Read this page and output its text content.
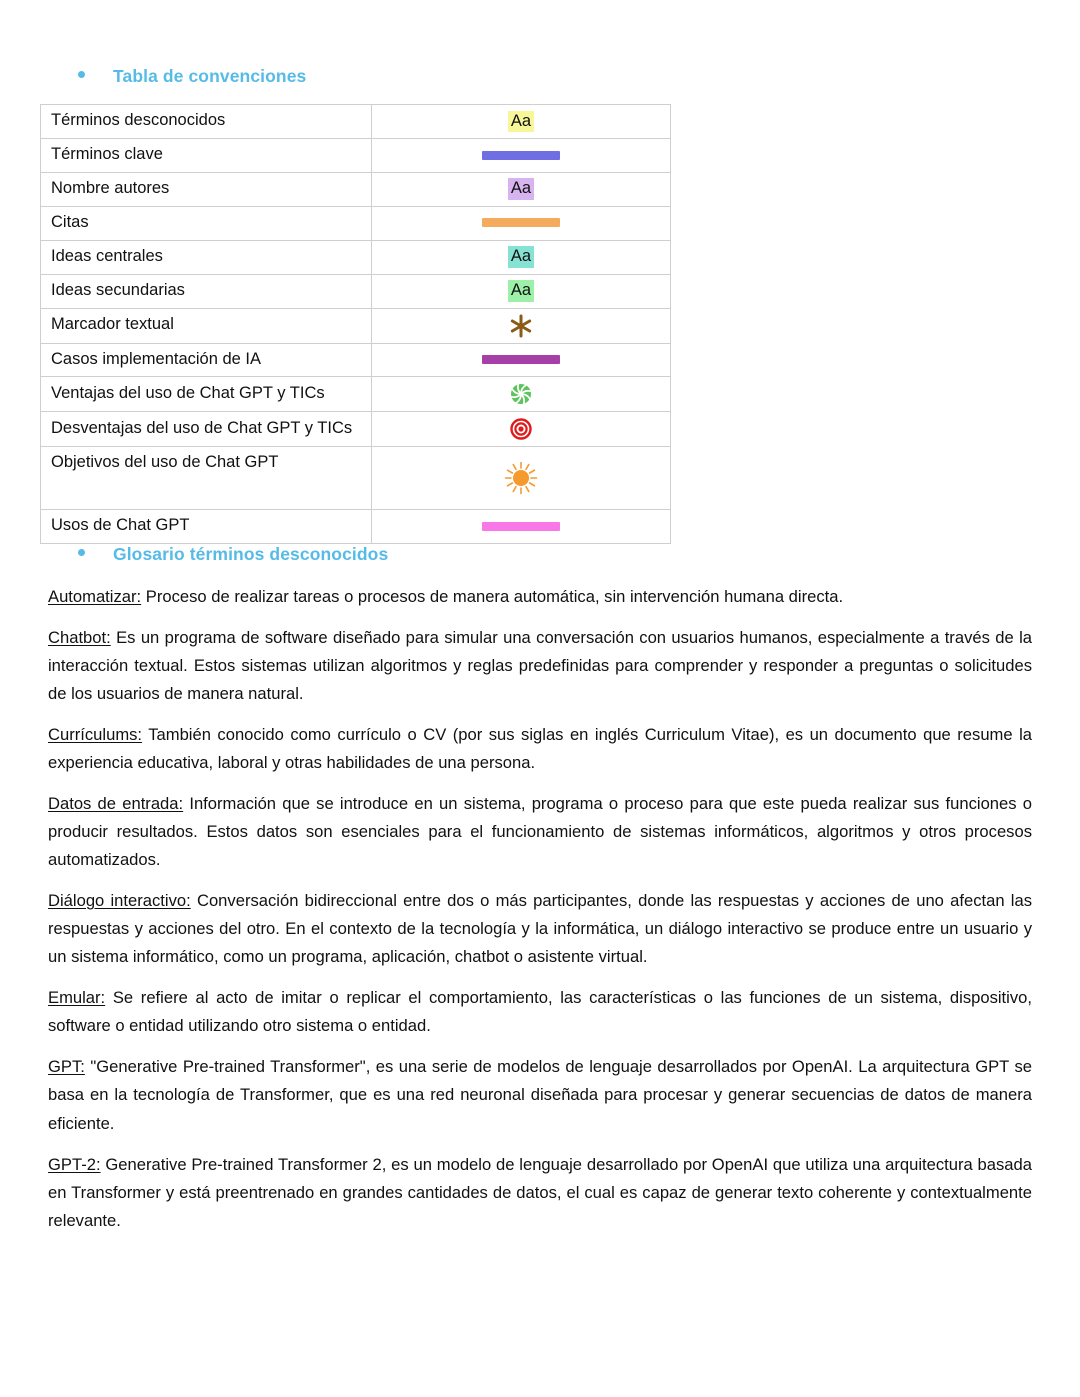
Tabla de convenciones
Términos desconocidos	Aa
Términos clave	
Nombre autores	Aa
Citas	
Ideas centrales	Aa
Ideas secundarias	Aa
Marcador textual	
Casos implementación de IA	
Ventajas del uso de Chat GPT y TICs	
Desventajas del uso de Chat GPT y TICs	
Objetivos del uso de Chat GPT	
Usos de Chat GPT	
Glosario términos desconocidos

Automatizar: Proceso de realizar tareas o procesos de manera automática, sin intervención humana directa.

Chatbot: Es un programa de software diseñado para simular una conversación con usuarios humanos, especialmente a través de la interacción textual. Estos sistemas utilizan algoritmos y reglas predefinidas para comprender y responder a preguntas o solicitudes de los usuarios de manera natural.

Currículums: También conocido como currículo o CV (por sus siglas en inglés Curriculum Vitae), es un documento que resume la experiencia educativa, laboral y otras habilidades de una persona.

Datos de entrada: Información que se introduce en un sistema, programa o proceso para que este pueda realizar sus funciones o producir resultados. Estos datos son esenciales para el funcionamiento de sistemas informáticos, algoritmos y otros procesos automatizados.

Diálogo interactivo: Conversación bidireccional entre dos o más participantes, donde las respuestas y acciones de uno afectan las respuestas y acciones del otro. En el contexto de la tecnología y la informática, un diálogo interactivo se produce entre un usuario y un sistema informático, como un programa, aplicación, chatbot o asistente virtual.

Emular: Se refiere al acto de imitar o replicar el comportamiento, las características o las funciones de un sistema, dispositivo, software o entidad utilizando otro sistema o entidad.

GPT: "Generative Pre-trained Transformer", es una serie de modelos de lenguaje desarrollados por OpenAI. La arquitectura GPT se basa en la tecnología de Transformer, que es una red neuronal diseñada para procesar y generar secuencias de datos de manera eficiente.

GPT-2: Generative Pre-trained Transformer 2, es un modelo de lenguaje desarrollado por OpenAI que utiliza una arquitectura basada en Transformer y está preentrenado en grandes cantidades de datos, el cual es capaz de generar texto coherente y contextualmente relevante.
